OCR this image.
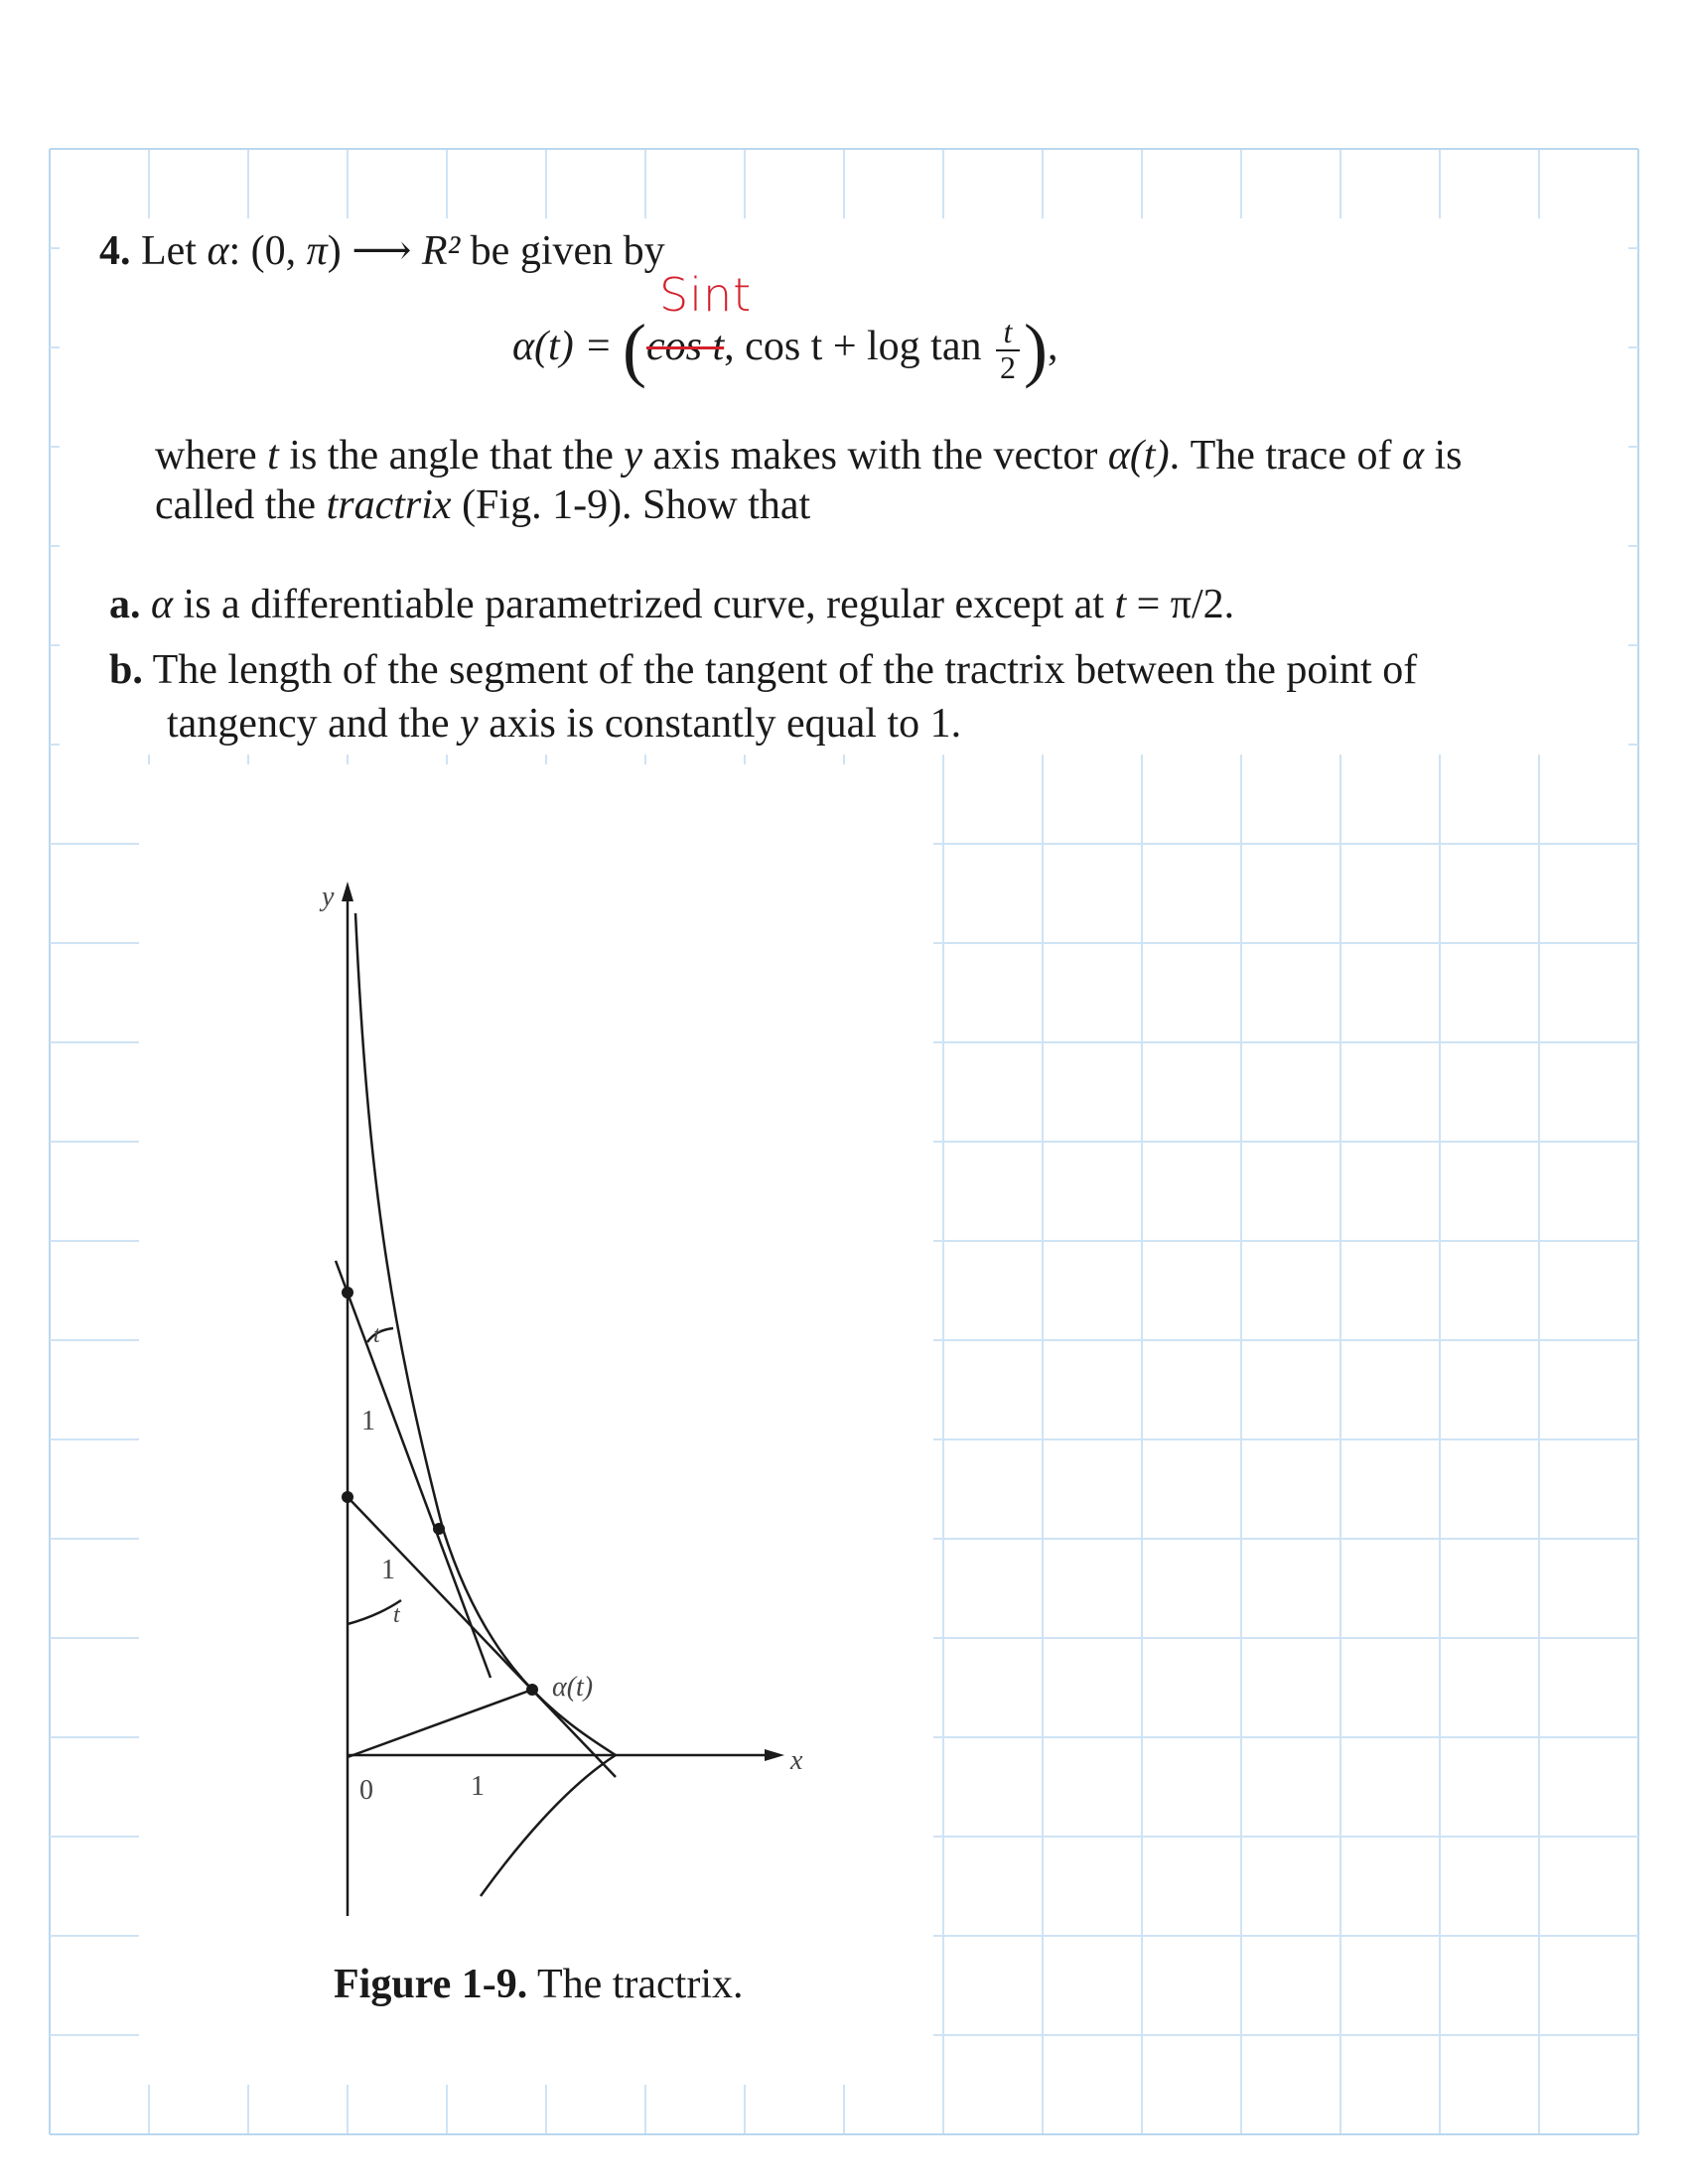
4. Let α: (0, π) ⟶ R² be given by
Sint
α(t) = (cos t, $\cos t + \log \tan \frac{t}{2}$ ),
where t is the angle that the y axis makes with the vector α(t). The trace of α is
called the tractrix (Fig. 1-9). Show that
a. α is a differentiable parametrized curve, regular except at t = π/2.
b. The length of the segment of the tangent of the tractrix between the point of
tangency and the y axis is constantly equal to 1.
y
x
0	1
1
1
t
t
α(t)
Figure 1-9. The tractrix.
